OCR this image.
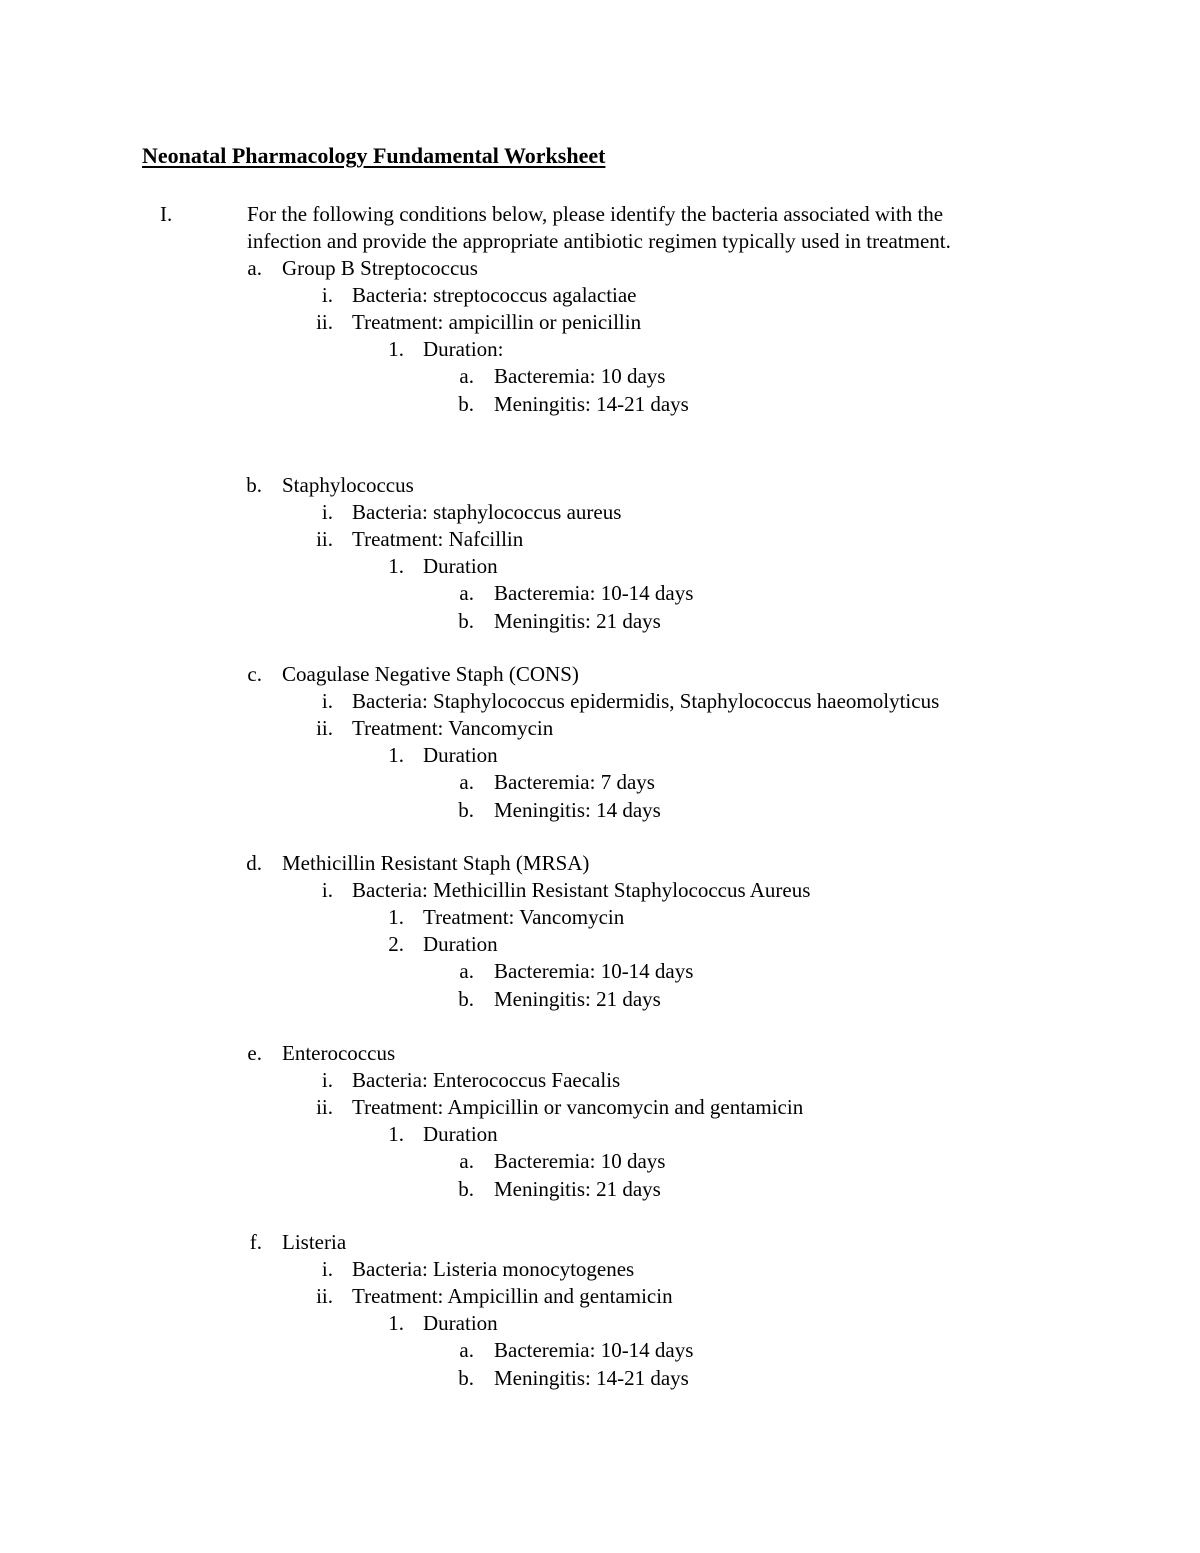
Neonatal Pharmacology Fundamental Worksheet
I.	For the following conditions below, please identify the bacteria associated with the
infection and provide the appropriate antibiotic regimen typically used in treatment.
a. Group B Streptococcus
i. Bacteria: streptococcus agalactiae
ii. Treatment: ampicillin or penicillin
1. Duration:
a. Bacteremia: 10 days
b. Meningitis: 14-21 days
b. Staphylococcus
i. Bacteria: staphylococcus aureus
ii. Treatment: Nafcillin
1. Duration
a. Bacteremia: 10-14 days
b. Meningitis: 21 days
c. Coagulase Negative Staph (CONS)
i. Bacteria: Staphylococcus epidermidis, Staphylococcus haeomolyticus
ii. Treatment: Vancomycin
1. Duration
a. Bacteremia: 7 days
b. Meningitis: 14 days
d. Methicillin Resistant Staph (MRSA)
i. Bacteria: Methicillin Resistant Staphylococcus Aureus
1. Treatment: Vancomycin
2. Duration
a. Bacteremia: 10-14 days
b. Meningitis: 21 days
e. Enterococcus
i. Bacteria: Enterococcus Faecalis
ii. Treatment: Ampicillin or vancomycin and gentamicin
1. Duration
a. Bacteremia: 10 days
b. Meningitis: 21 days
f. Listeria
i. Bacteria: Listeria monocytogenes
ii. Treatment: Ampicillin and gentamicin
1. Duration
a. Bacteremia: 10-14 days
b. Meningitis: 14-21 days
